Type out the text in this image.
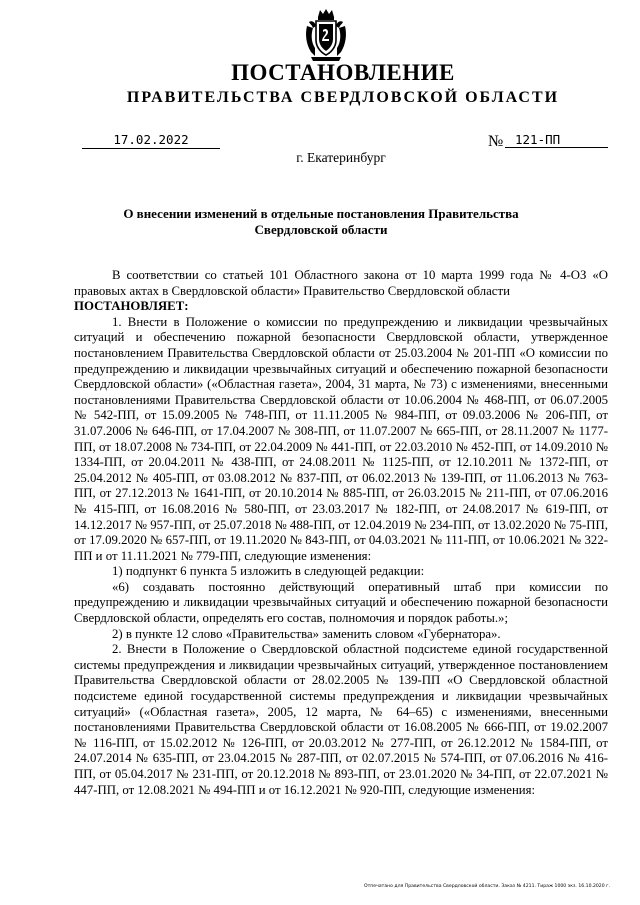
ПОСТАНОВЛЕНИЕ
ПРАВИТЕЛЬСТВА СВЕРДЛОВСКОЙ ОБЛАСТИ
17.02.2022	№ 121-ПП
г. Екатеринбург
О внесении изменений в отдельные постановления Правительства Свердловской области

В соответствии со статьей 101 Областного закона от 10 марта 1999 года № 4-ОЗ «О правовых актах в Свердловской области» Правительство Свердловской области

ПОСТАНОВЛЯЕТ:

1. Внести в Положение о комиссии по предупреждению и ликвидации чрезвычайных ситуаций и обеспечению пожарной безопасности Свердловской области, утвержденное постановлением Правительства Свердловской области от 25.03.2004 № 201-ПП «О комиссии по предупреждению и ликвидации чрезвычайных ситуаций и обеспечению пожарной безопасности Свердловской области» («Областная газета», 2004, 31 марта, № 73) с изменениями, внесенными постановлениями Правительства Свердловской области от 10.06.2004 № 468-ПП, от 06.07.2005 № 542-ПП, от 15.09.2005 № 748-ПП, от 11.11.2005 № 984-ПП, от 09.03.2006 № 206-ПП, от 31.07.2006 № 646-ПП, от 17.04.2007 № 308-ПП, от 11.07.2007 № 665-ПП, от 28.11.2007 № 1177-ПП, от 18.07.2008 № 734-ПП, от 22.04.2009 № 441-ПП, от 22.03.2010 № 452-ПП, от 14.09.2010 № 1334-ПП, от 20.04.2011 № 438-ПП, от 24.08.2011 № 1125-ПП, от 12.10.2011 № 1372-ПП, от 25.04.2012 № 405-ПП, от 03.08.2012 № 837-ПП, от 06.02.2013 № 139-ПП, от 11.06.2013 № 763-ПП, от 27.12.2013 № 1641-ПП, от 20.10.2014 № 885-ПП, от 26.03.2015 № 211-ПП, от 07.06.2016 № 415-ПП, от 16.08.2016 № 580-ПП, от 23.03.2017 № 182-ПП, от 24.08.2017 № 619-ПП, от 14.12.2017 № 957-ПП, от 25.07.2018 № 488-ПП, от 12.04.2019 № 234-ПП, от 13.02.2020 № 75-ПП, от 17.09.2020 № 657-ПП, от 19.11.2020 № 843-ПП, от 04.03.2021 № 111-ПП, от 10.06.2021 № 322-ПП и от 11.11.2021 № 779-ПП, следующие изменения:

1) подпункт 6 пункта 5 изложить в следующей редакции:

«6) создавать постоянно действующий оперативный штаб при комиссии по предупреждению и ликвидации чрезвычайных ситуаций и обеспечению пожарной безопасности Свердловской области, определять его состав, полномочия и порядок работы.»;

2) в пункте 12 слово «Правительства» заменить словом «Губернатора».

2. Внести в Положение о Свердловской областной подсистеме единой государственной системы предупреждения и ликвидации чрезвычайных ситуаций, утвержденное постановлением Правительства Свердловской области от 28.02.2005 № 139-ПП «О Свердловской областной подсистеме единой государственной системы предупреждения и ликвидации чрезвычайных ситуаций» («Областная газета», 2005, 12 марта, № 64–65) с изменениями, внесенными постановлениями Правительства Свердловской области от 16.08.2005 № 666-ПП, от 19.02.2007 № 116-ПП, от 15.02.2012 № 126-ПП, от 20.03.2012 № 277-ПП, от 26.12.2012 № 1584-ПП, от 24.07.2014 № 635-ПП, от 23.04.2015 № 287-ПП, от 02.07.2015 № 574-ПП, от 07.06.2016 № 416-ПП, от 05.04.2017 № 231-ПП, от 20.12.2018 № 893-ПП, от 23.01.2020 № 34-ПП, от 22.07.2021 № 447-ПП, от 12.08.2021 № 494-ПП и от 16.12.2021 № 920-ПП, следующие изменения:

Отпечатано для Правительства Свердловской области. Заказ № 4211. Тираж 1000 экз. 16.10.2020 г.
